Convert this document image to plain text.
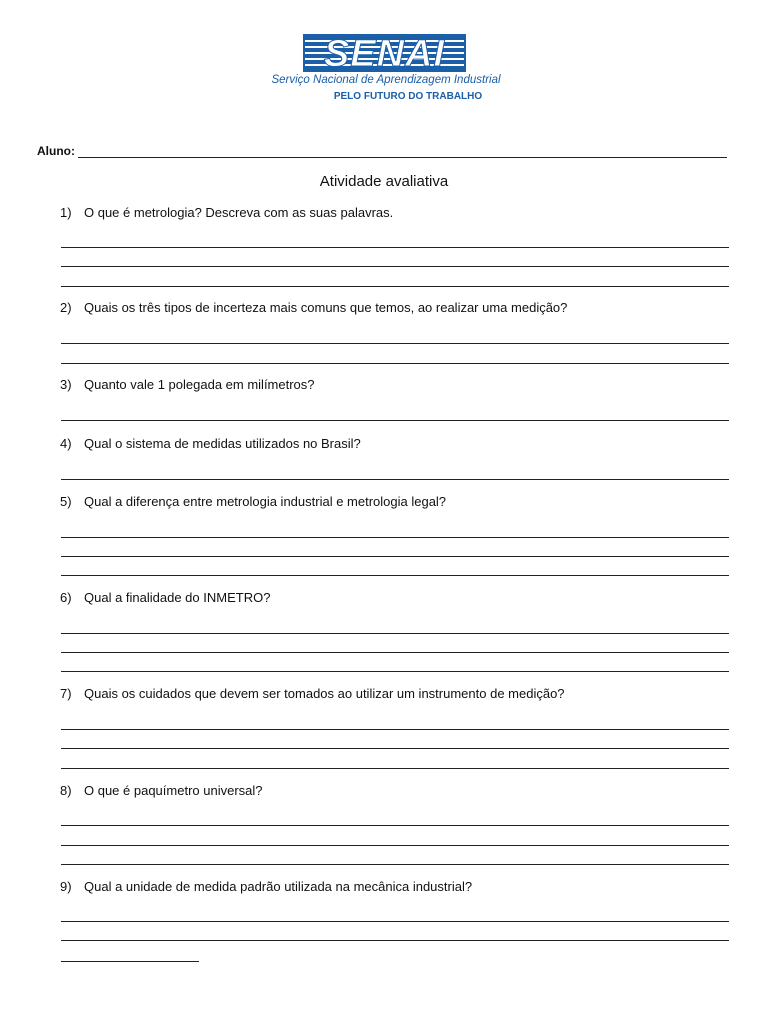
SENAI
Serviço Nacional de Aprendizagem Industrial
PELO FUTURO DO TRABALHO
Aluno:
Atividade avaliativa
1) O que é metrologia? Descreva com as suas palavras.
2) Quais os três tipos de incerteza mais comuns que temos, ao realizar uma medição?
3) Quanto vale 1 polegada em milímetros?
4) Qual o sistema de medidas utilizados no Brasil?
5) Qual a diferença entre metrologia industrial e metrologia legal?
6) Qual a finalidade do INMETRO?
7) Quais os cuidados que devem ser tomados ao utilizar um instrumento de medição?
8) O que é paquímetro universal?
9) Qual a unidade de medida padrão utilizada na mecânica industrial?
